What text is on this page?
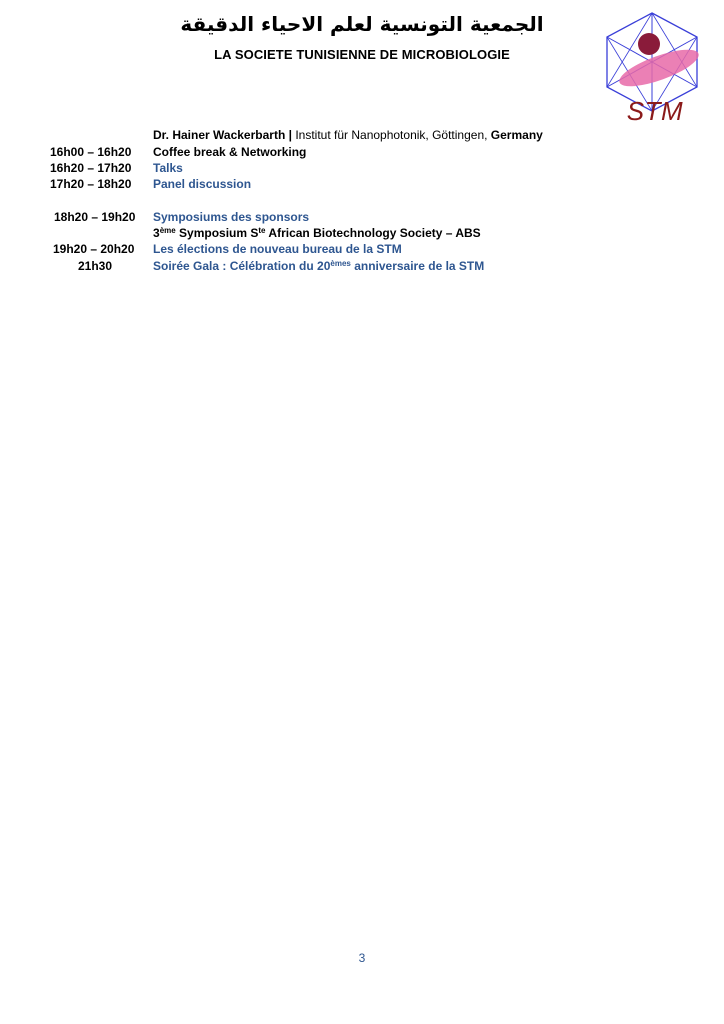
الجمعية التونسية لعلم الاحياء الدقيقة
LA SOCIETE TUNISIENNE DE MICROBIOLOGIE
STM
Dr. Hainer Wackerbarth | Institut für Nanophotonik, Göttingen, Germany
16h00 – 16h20 Coffee break & Networking
16h20 – 17h20 Talks
17h20 – 18h20 Panel discussion
18h20 – 19h20 Symposiums des sponsors
3ème Symposium $S^{te}$ African Biotechnology Society – ABS
19h20 – 20h20 Les élections de nouveau bureau de la STM
21h30	Soirée Gala : Célébration du 20èmes anniversaire de la STM
3
